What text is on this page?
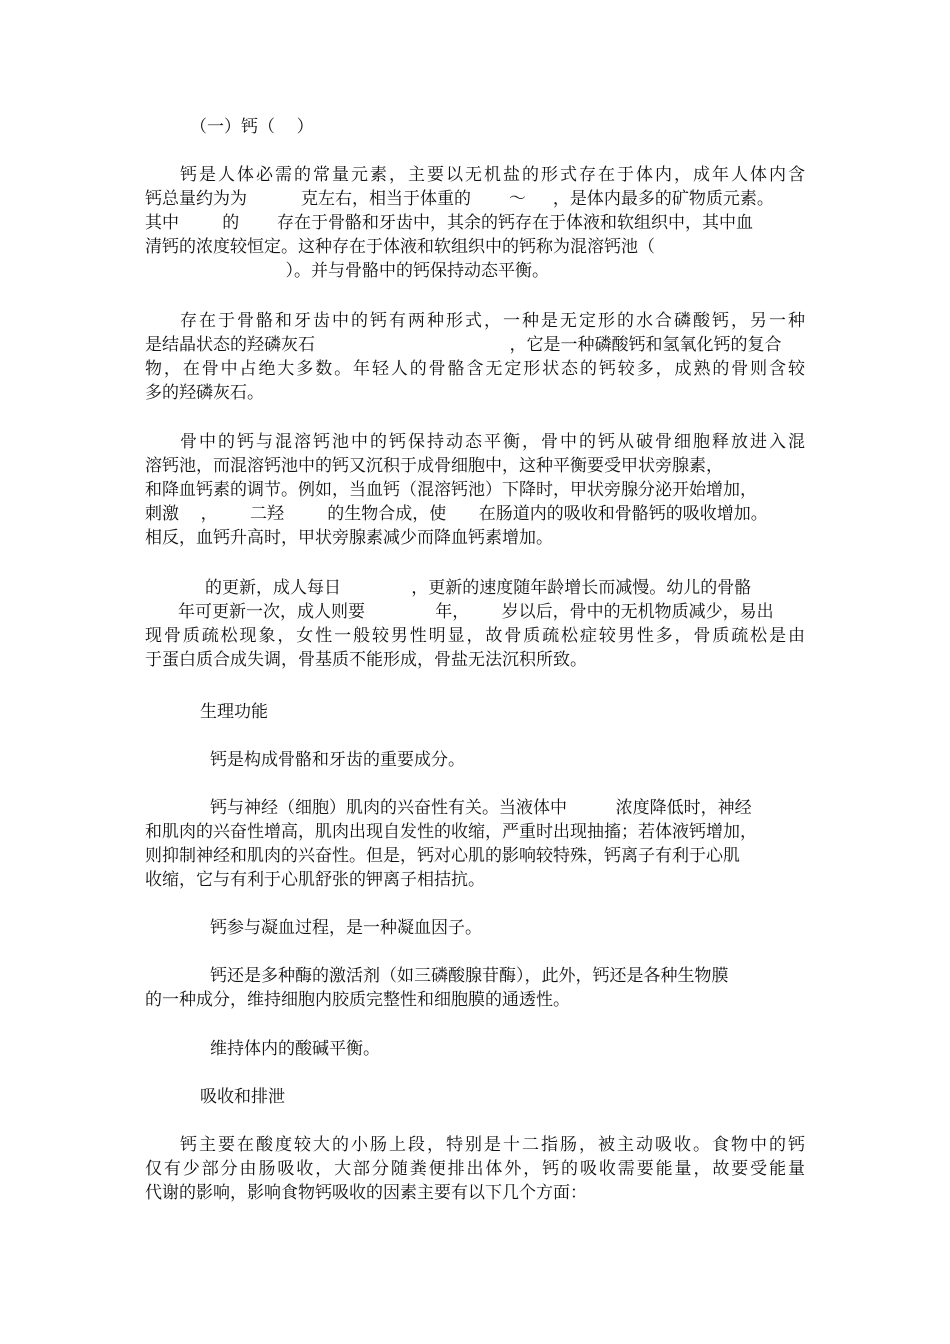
（一）钙（    ）

钙是人体必需的常量元素，主要以无机盐的形式存在于体内，成年人体内含

钙总量约为为          克左右，相当于体重的       ～     ，是体内最多的矿物质元素。

其中        的       存在于骨骼和牙齿中，其余的钙存在于体液和软组织中，其中血

清钙的浓度较恒定。这种存在于体液和软组织中的钙称为混溶钙池（

）。并与骨骼中的钙保持动态平衡。

存在于骨骼和牙齿中的钙有两种形式，一种是无定形的水合磷酸钙，另一种

是结晶状态的羟磷灰石                                    ，它是一种磷酸钙和氢氧化钙的复合

物，在骨中占绝大多数。年轻人的骨骼含无定形状态的钙较多，成熟的骨则含较

多的羟磷灰石。

骨中的钙与混溶钙池中的钙保持动态平衡，骨中的钙从破骨细胞释放进入混

溶钙池，而混溶钙池中的钙又沉积于成骨细胞中，这种平衡要受甲状旁腺素，

和降血钙素的调节。例如，当血钙（混溶钙池）下降时，甲状旁腺分泌开始增加，

刺激    ，      二羟        的生物合成，使      在肠道内的吸收和骨骼钙的吸收增加。

相反，血钙升高时，甲状旁腺素减少而降血钙素增加。

的更新，成人每日             ，更新的速度随年龄增长而减慢。幼儿的骨骼

年可更新一次，成人则要             年，      岁以后，骨中的无机物质减少，易出

现骨质疏松现象，女性一般较男性明显，故骨质疏松症较男性多，骨质疏松是由

于蛋白质合成失调，骨基质不能形成，骨盐无法沉积所致。

生理功能

钙是构成骨骼和牙齿的重要成分。

钙与神经（细胞）肌肉的兴奋性有关。当液体中         浓度降低时，神经

和肌肉的兴奋性增高，肌肉出现自发性的收缩，严重时出现抽搐；若体液钙增加，

则抑制神经和肌肉的兴奋性。但是，钙对心肌的影响较特殊，钙离子有利于心肌

收缩，它与有利于心肌舒张的钾离子相拮抗。

钙参与凝血过程，是一种凝血因子。

钙还是多种酶的激活剂（如三磷酸腺苷酶），此外，钙还是各种生物膜

的一种成分，维持细胞内胶质完整性和细胞膜的通透性。

维持体内的酸碱平衡。

吸收和排泄

钙主要在酸度较大的小肠上段，特别是十二指肠，被主动吸收。食物中的钙

仅有少部分由肠吸收，大部分随粪便排出体外，钙的吸收需要能量，故要受能量

代谢的影响，影响食物钙吸收的因素主要有以下几个方面：
